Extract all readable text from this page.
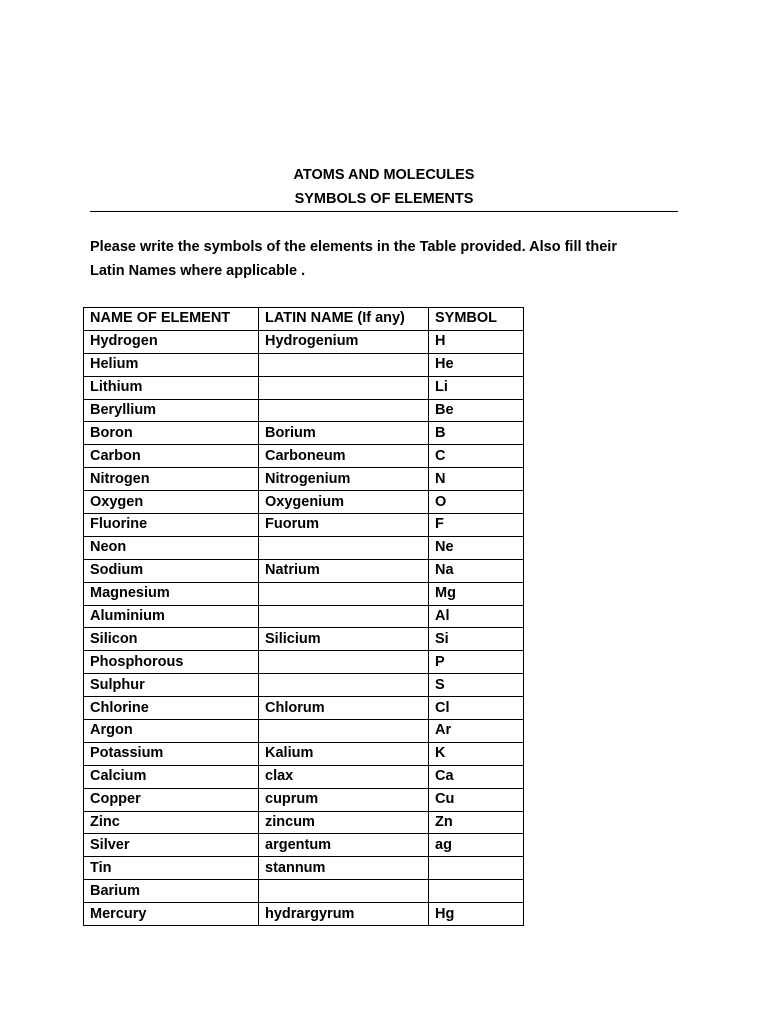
ATOMS AND MOLECULES
SYMBOLS OF ELEMENTS
Please write the symbols of the elements in the Table provided. Also fill their
Latin Names where applicable .
NAME OF ELEMENT	LATIN NAME (If any)	SYMBOL
Hydrogen	Hydrogenium	H
Helium		He
Lithium		Li
Beryllium		Be
Boron	Borium	B
Carbon	Carboneum	C
Nitrogen	Nitrogenium	N
Oxygen	Oxygenium	O
Fluorine	Fuorum	F
Neon		Ne
Sodium	Natrium	Na
Magnesium		Mg
Aluminium		Al
Silicon	Silicium	Si
Phosphorous		P
Sulphur		S
Chlorine	Chlorum	Cl
Argon		Ar
Potassium	Kalium	K
Calcium	clax	Ca
Copper	cuprum	Cu
Zinc	zincum	Zn
Silver	argentum	ag
Tin	stannum	
Barium		
Mercury	hydrargyrum	Hg
